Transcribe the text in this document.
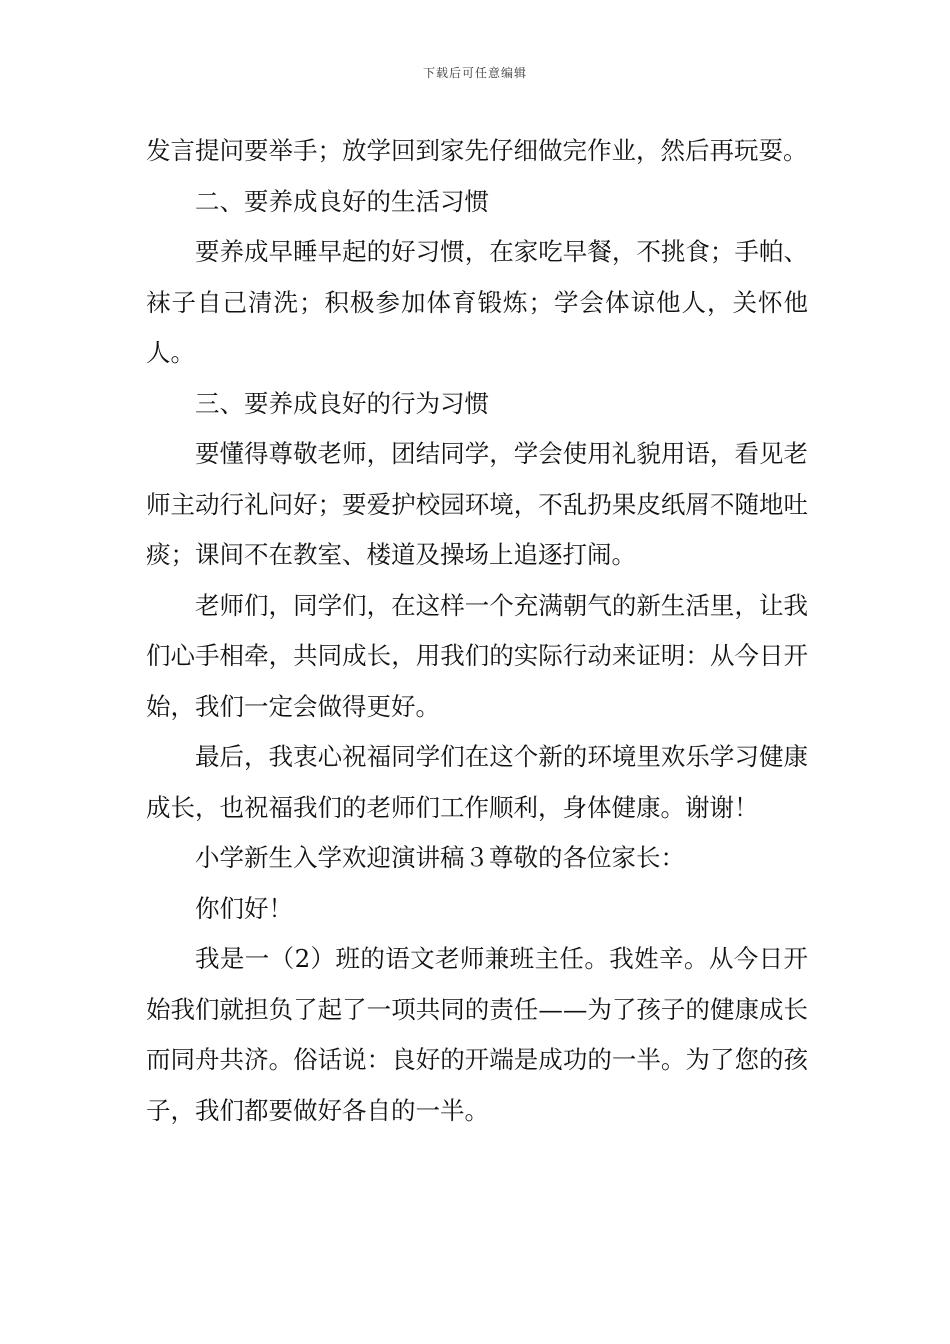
下载后可任意编辑

发言提问要举手；放学回到家先仔细做完作业，然后再玩耍。

二、要养成良好的生活习惯

要养成早睡早起的好习惯，在家吃早餐，不挑食；手帕、袜子自己清洗；积极参加体育锻炼；学会体谅他人，关怀他人。

三、要养成良好的行为习惯

要懂得尊敬老师，团结同学，学会使用礼貌用语，看见老师主动行礼问好；要爱护校园环境，不乱扔果皮纸屑不随地吐痰；课间不在教室、楼道及操场上追逐打闹。

老师们，同学们，在这样一个充满朝气的新生活里，让我们心手相牵，共同成长，用我们的实际行动来证明：从今日开始，我们一定会做得更好。

最后，我衷心祝福同学们在这个新的环境里欢乐学习健康成长，也祝福我们的老师们工作顺利，身体健康。谢谢！

小学新生入学欢迎演讲稿３尊敬的各位家长：

你们好！

我是一（2）班的语文老师兼班主任。我姓辛。从今日开始我们就担负了起了一项共同的责任——为了孩子的健康成长而同舟共济。俗话说：良好的开端是成功的一半。为了您的孩子，我们都要做好各自的一半。
